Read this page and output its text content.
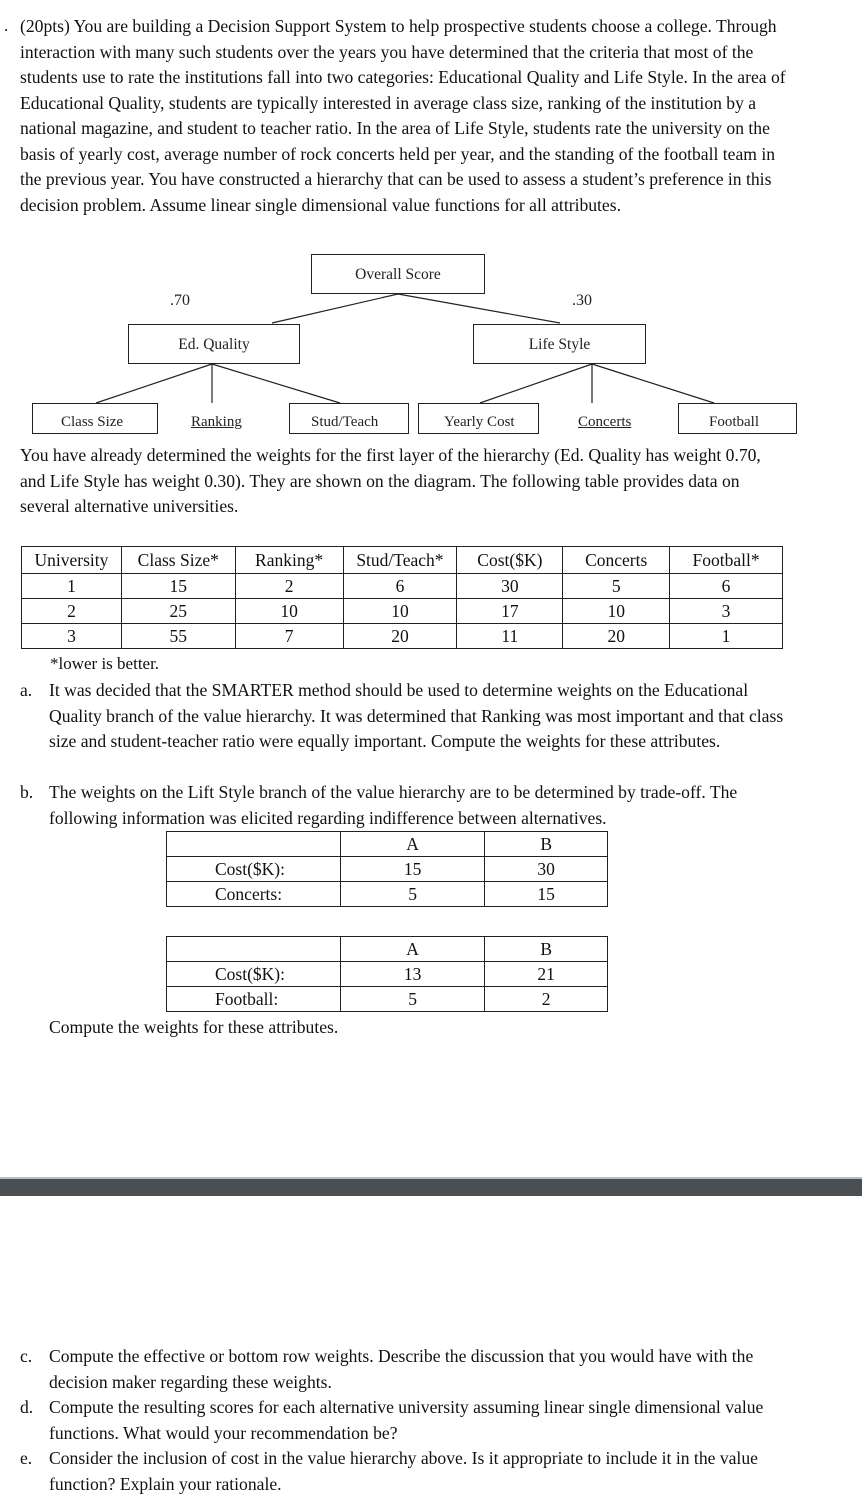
. (20pts) You are building a Decision Support System to help prospective students choose a college. Through interaction with many such students over the years you have determined that the criteria that most of the students use to rate the institutions fall into two categories: Educational Quality and Life Style. In the area of Educational Quality, students are typically interested in average class size, ranking of the institution by a national magazine, and student to teacher ratio. In the area of Life Style, students rate the university on the basis of yearly cost, average number of rock concerts held per year, and the standing of the football team in the previous year. You have constructed a hierarchy that can be used to assess a student’s preference in this decision problem. Assume linear single dimensional value functions for all attributes.

Overall Score
.70	.30
Ed. Quality	Life Style
Class Size	Ranking	Stud/Teach	Yearly Cost	Concerts	Football

You have already determined the weights for the first layer of the hierarchy (Ed. Quality has weight 0.70, and Life Style has weight 0.30). They are shown on the diagram. The following table provides data on several alternative universities.

University	Class Size*	Ranking*	Stud/Teach*	Cost($K)	Concerts	Football*
1	15	2	6	30	5	6
2	25	10	10	17	10	3
3	55	7	20	11	20	1
*lower is better.
a. It was decided that the SMARTER method should be used to determine weights on the Educational Quality branch of the value hierarchy. It was determined that Ranking was most important and that class size and student-teacher ratio were equally important. Compute the weights for these attributes.
b. The weights on the Lift Style branch of the value hierarchy are to be determined by trade-off. The following information was elicited regarding indifference between alternatives.
	A	B
Cost($K):	15	30
Concerts:	5	15
	A	B
Cost($K):	13	21
Football:	5	2
Compute the weights for these attributes.
c. Compute the effective or bottom row weights. Describe the discussion that you would have with the decision maker regarding these weights.
d. Compute the resulting scores for each alternative university assuming linear single dimensional value functions. What would your recommendation be?
e. Consider the inclusion of cost in the value hierarchy above. Is it appropriate to include it in the value function? Explain your rationale.
